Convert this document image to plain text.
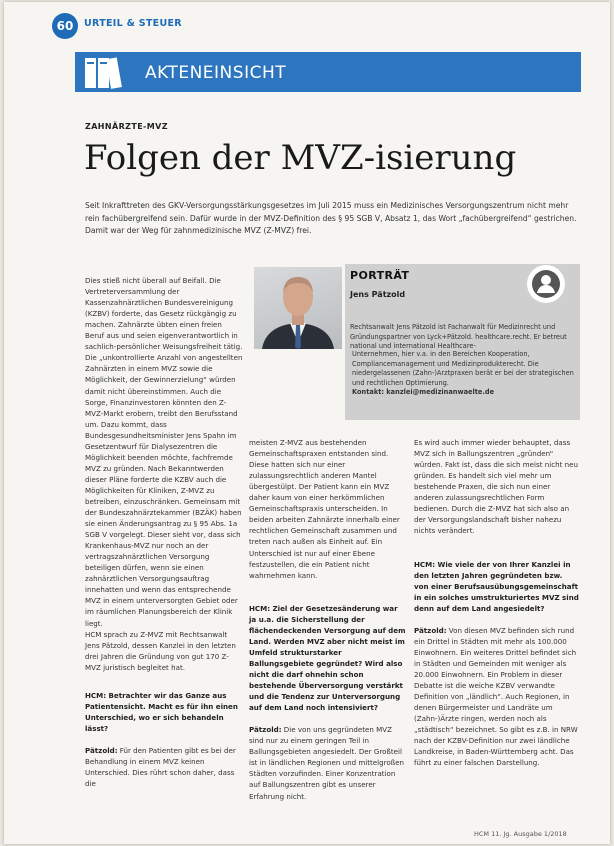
60	URTEIL & STEUER
AKTENEINSICHT
ZAHNÄRZTE-MVZ
Folgen der MVZ-isierung
Seit Inkrafttreten des GKV-Versorgungsstärkungsgesetzes im Juli 2015 muss ein Medizinisches Versorgungszentrum nicht mehr rein fachübergreifend sein. Dafür wurde in der MVZ-Definition des § 95 SGB V, Absatz 1, das Wort „fachübergreifend“ gestrichen. Damit war der Weg für zahnmedizinische MVZ (Z-MVZ) frei.

Dies stieß nicht überall auf Beifall. Die Vertreterversammlung der Kassenzahnärztlichen Bundesvereinigung (KZBV) forderte, das Gesetz rückgängig zu machen. Zahnärzte übten einen freien Beruf aus und seien eigenverantwortlich in sachlich-persönlicher Weisungsfreiheit tätig. Die „unkontrollierte Anzahl von angestellten Zahnärzten in einem MVZ sowie die Möglichkeit, der Gewinnerzielung“ würden damit nicht übereinstimmen. Auch die Sorge, Finanzinvestoren könnten den Z-MVZ-Markt erobern, treibt den Berufsstand um. Dazu kommt, dass Bundesgesundheitsminister Jens Spahn im Gesetzentwurf für Dialysezentren die Möglichkeit beenden möchte, fachfremde MVZ zu gründen. Nach Bekanntwerden dieser Pläne forderte die KZBV auch die Möglichkeiten für Kliniken, Z-MVZ zu betreiben, einzuschränken. Gemeinsam mit der Bundeszahnärztekammer (BZÄK) haben sie einen Änderungsantrag zu § 95 Abs. 1a SGB V vorgelegt. Dieser sieht vor, dass sich Krankenhaus-MVZ nur noch an der vertragszahnärztlichen Versorgung beteiligen dürfen, wenn sie einen zahnärztlichen Versorgungsauftrag innehatten und wenn das entsprechende MVZ in einem unterversorgten Gebiet oder im räumlichen Planungsbereich der Klinik liegt.
HCM sprach zu Z-MVZ mit Rechtsanwalt Jens Pätzold, dessen Kanzlei in den letzten drei Jahren die Gründung von gut 170 Z-MVZ juristisch begleitet hat.

HCM: Betrachter wir das Ganze aus Patientensicht. Macht es für ihn einen Unterschied, wo er sich behandeln lässt?

Pätzold: Für den Patienten gibt es bei der Behandlung in einem MVZ keinen Unterschied. Dies rührt schon daher, dass die

PORTRÄT
Jens Pätzold
Rechtsanwalt Jens Pätzold ist Fachanwalt für Medizinrecht und Gründungspartner von Lyck+Pätzold. healthcare.recht. Er betreut national und international Healthcare-
Unternehmen, hier v.a. in den Bereichen Kooperation, Compliancemanagement und Medizinprodukterecht. Die niedergelassenen (Zahn-)Arztpraxen berät er bei der strategischen und rechtlichen Optimierung.
Kontakt: kanzlei@medizinanwaelte.de

meisten Z-MVZ aus bestehenden Gemeinschaftspraxen entstanden sind. Diese hatten sich nur einer zulassungsrechtlich anderen Mantel übergestülpt. Der Patient kann ein MVZ daher kaum von einer herkömmlichen Gemeinschaftspraxis unterscheiden. In beiden arbeiten Zahnärzte innerhalb einer rechtlichen Gemeinschaft zusammen und treten nach außen als Einheit auf. Ein Unterschied ist nur auf einer Ebene festzustellen, die ein Patient nicht wahrnehmen kann.

HCM: Ziel der Gesetzesänderung war ja u.a. die Sicherstellung der flächendeckenden Versorgung auf dem Land. Werden MVZ aber nicht meist im Umfeld strukturstarker Ballungsgebiete gegründet? Wird also nicht die darf ohnehin schon bestehende Überversorgung verstärkt und die Tendenz zur Unterversorgung auf dem Land noch intensiviert?

Pätzold: Die von uns gegründeten MVZ sind nur zu einem geringen Teil in Ballungsgebieten angesiedelt. Der Großteil ist in ländlichen Regionen und mittelgroßen Städten vorzufinden. Einer Konzentration auf Ballungszentren gibt es unserer Erfahrung nicht.

Es wird auch immer wieder behauptet, dass MVZ sich in Ballungszentren „gründen“ würden. Fakt ist, dass die sich meist nicht neu gründen. Es handelt sich viel mehr um bestehende Praxen, die sich nun einer anderen zulassungsrechtlichen Form bedienen. Durch die Z-MVZ hat sich also an der Versorgungslandschaft bisher nahezu nichts verändert.

HCM: Wie viele der von Ihrer Kanzlei in den letzten Jahren gegründeten bzw. von einer Berufsausübungsgemeinschaft in ein solches umstrukturiertes MVZ sind denn auf dem Land angesiedelt?

Pätzold: Von diesen MVZ befinden sich rund ein Drittel in Städten mit mehr als 100.000 Einwohnern. Ein weiteres Drittel befindet sich in Städten und Gemeinden mit weniger als 20.000 Einwohnern. Ein Problem in dieser Debatte ist die weiche KZBV verwandte Definition von „ländlich“. Auch Regionen, in denen Bürgermeister und Landräte um (Zahn-)Ärzte ringen, werden noch als „städtisch“ bezeichnet. So gibt es z.B. in NRW nach der KZBV-Definition nur zwei ländliche Landkreise, in Baden-Württemberg acht. Das führt zu einer falschen Darstellung.

HCM 11. Jg. Ausgabe 1/2018
